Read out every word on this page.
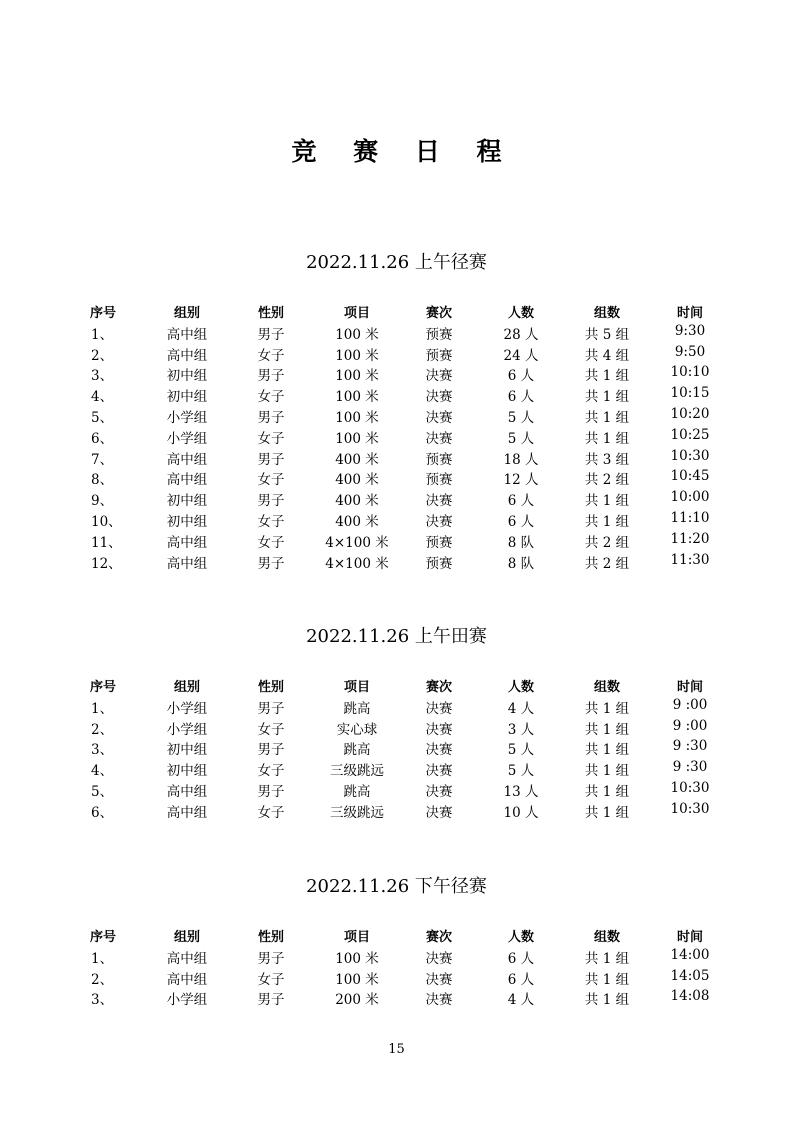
竞 赛 日 程
2022.11.26 上午径赛
序号	组别	性别	项目	赛次	人数	组数	时间
1、	高中组	男子	100 米	预赛	28 人	共 5 组	9:30
2、	高中组	女子	100 米	预赛	24 人	共 4 组	9:50
3、	初中组	男子	100 米	决赛	6 人	共 1 组	10:10
4、	初中组	女子	100 米	决赛	6 人	共 1 组	10:15
5、	小学组	男子	100 米	决赛	5 人	共 1 组	10:20
6、	小学组	女子	100 米	决赛	5 人	共 1 组	10:25
7、	高中组	男子	400 米	预赛	18 人	共 3 组	10:30
8、	高中组	女子	400 米	预赛	12 人	共 2 组	10:45
9、	初中组	男子	400 米	决赛	6 人	共 1 组	10:00
10、	初中组	女子	400 米	决赛	6 人	共 1 组	11:10
11、	高中组	女子	4×100 米	预赛	8 队	共 2 组	11:20
12、	高中组	男子	4×100 米	预赛	8 队	共 2 组	11:30
2022.11.26 上午田赛
序号	组别	性别	项目	赛次	人数	组数	时间
1、	小学组	男子	跳高	决赛	4 人	共 1 组	9 :00
2、	小学组	女子	实心球	决赛	3 人	共 1 组	9 :00
3、	初中组	男子	跳高	决赛	5 人	共 1 组	9 :30
4、	初中组	女子	三级跳远	决赛	5 人	共 1 组	9 :30
5、	高中组	男子	跳高	决赛	13 人	共 1 组	10:30
6、	高中组	女子	三级跳远	决赛	10 人	共 1 组	10:30
2022.11.26 下午径赛
序号	组别	性别	项目	赛次	人数	组数	时间
1、	高中组	男子	100 米	决赛	6 人	共 1 组	14:00
2、	高中组	女子	100 米	决赛	6 人	共 1 组	14:05
3、	小学组	男子	200 米	决赛	4 人	共 1 组	14:08
15
